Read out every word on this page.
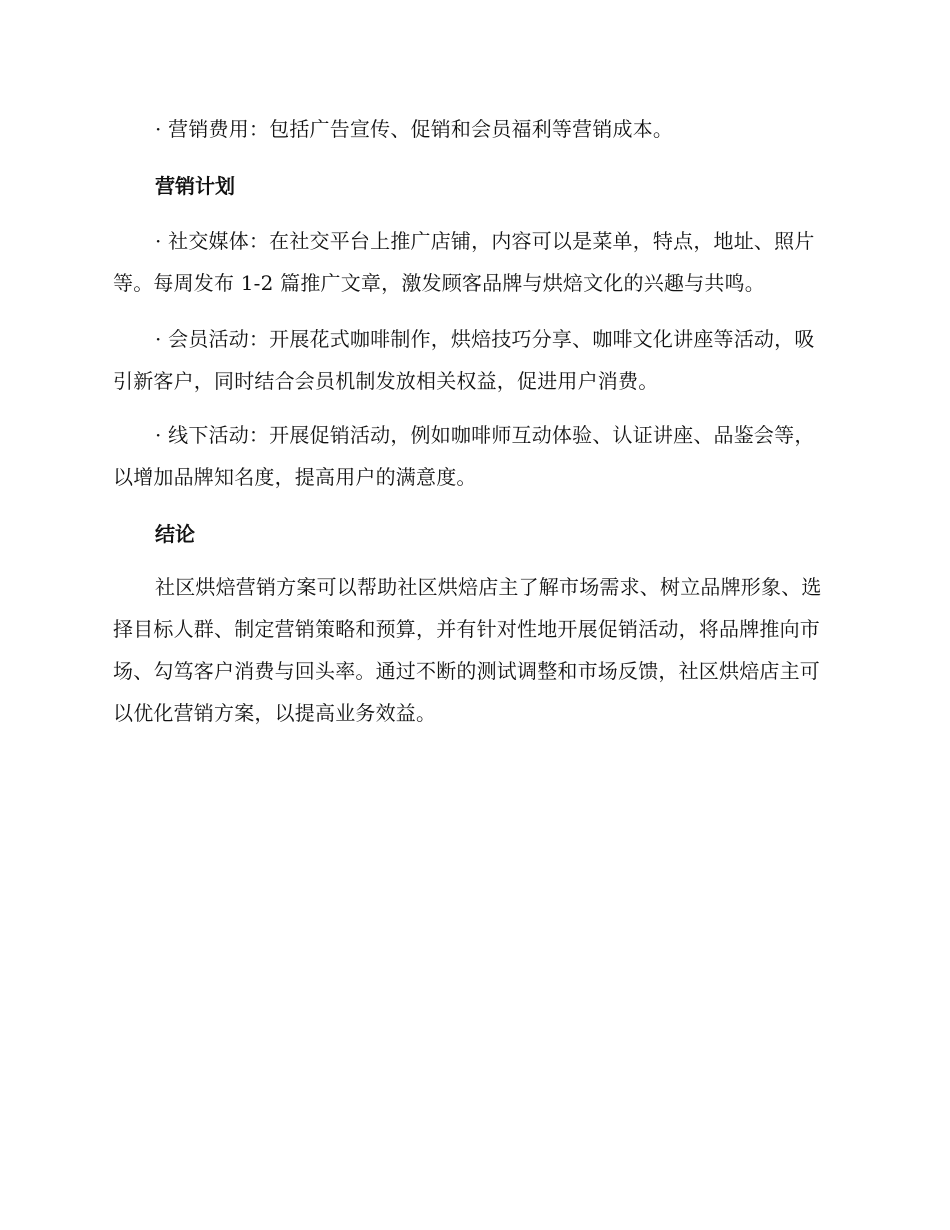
· 营销费用：包括广告宣传、促销和会员福利等营销成本。

营销计划

· 社交媒体：在社交平台上推广店铺，内容可以是菜单，特点，地址、照片等。每周发布 1-2 篇推广文章，激发顾客品牌与烘焙文化的兴趣与共鸣。

· 会员活动：开展花式咖啡制作，烘焙技巧分享、咖啡文化讲座等活动，吸引新客户，同时结合会员机制发放相关权益，促进用户消费。

· 线下活动：开展促销活动，例如咖啡师互动体验、认证讲座、品鉴会等，以增加品牌知名度，提高用户的满意度。

结论

社区烘焙营销方案可以帮助社区烘焙店主了解市场需求、树立品牌形象、选择目标人群、制定营销策略和预算，并有针对性地开展促销活动，将品牌推向市场、勾笃客户消费与回头率。通过不断的测试调整和市场反馈，社区烘焙店主可以优化营销方案，以提高业务效益。
